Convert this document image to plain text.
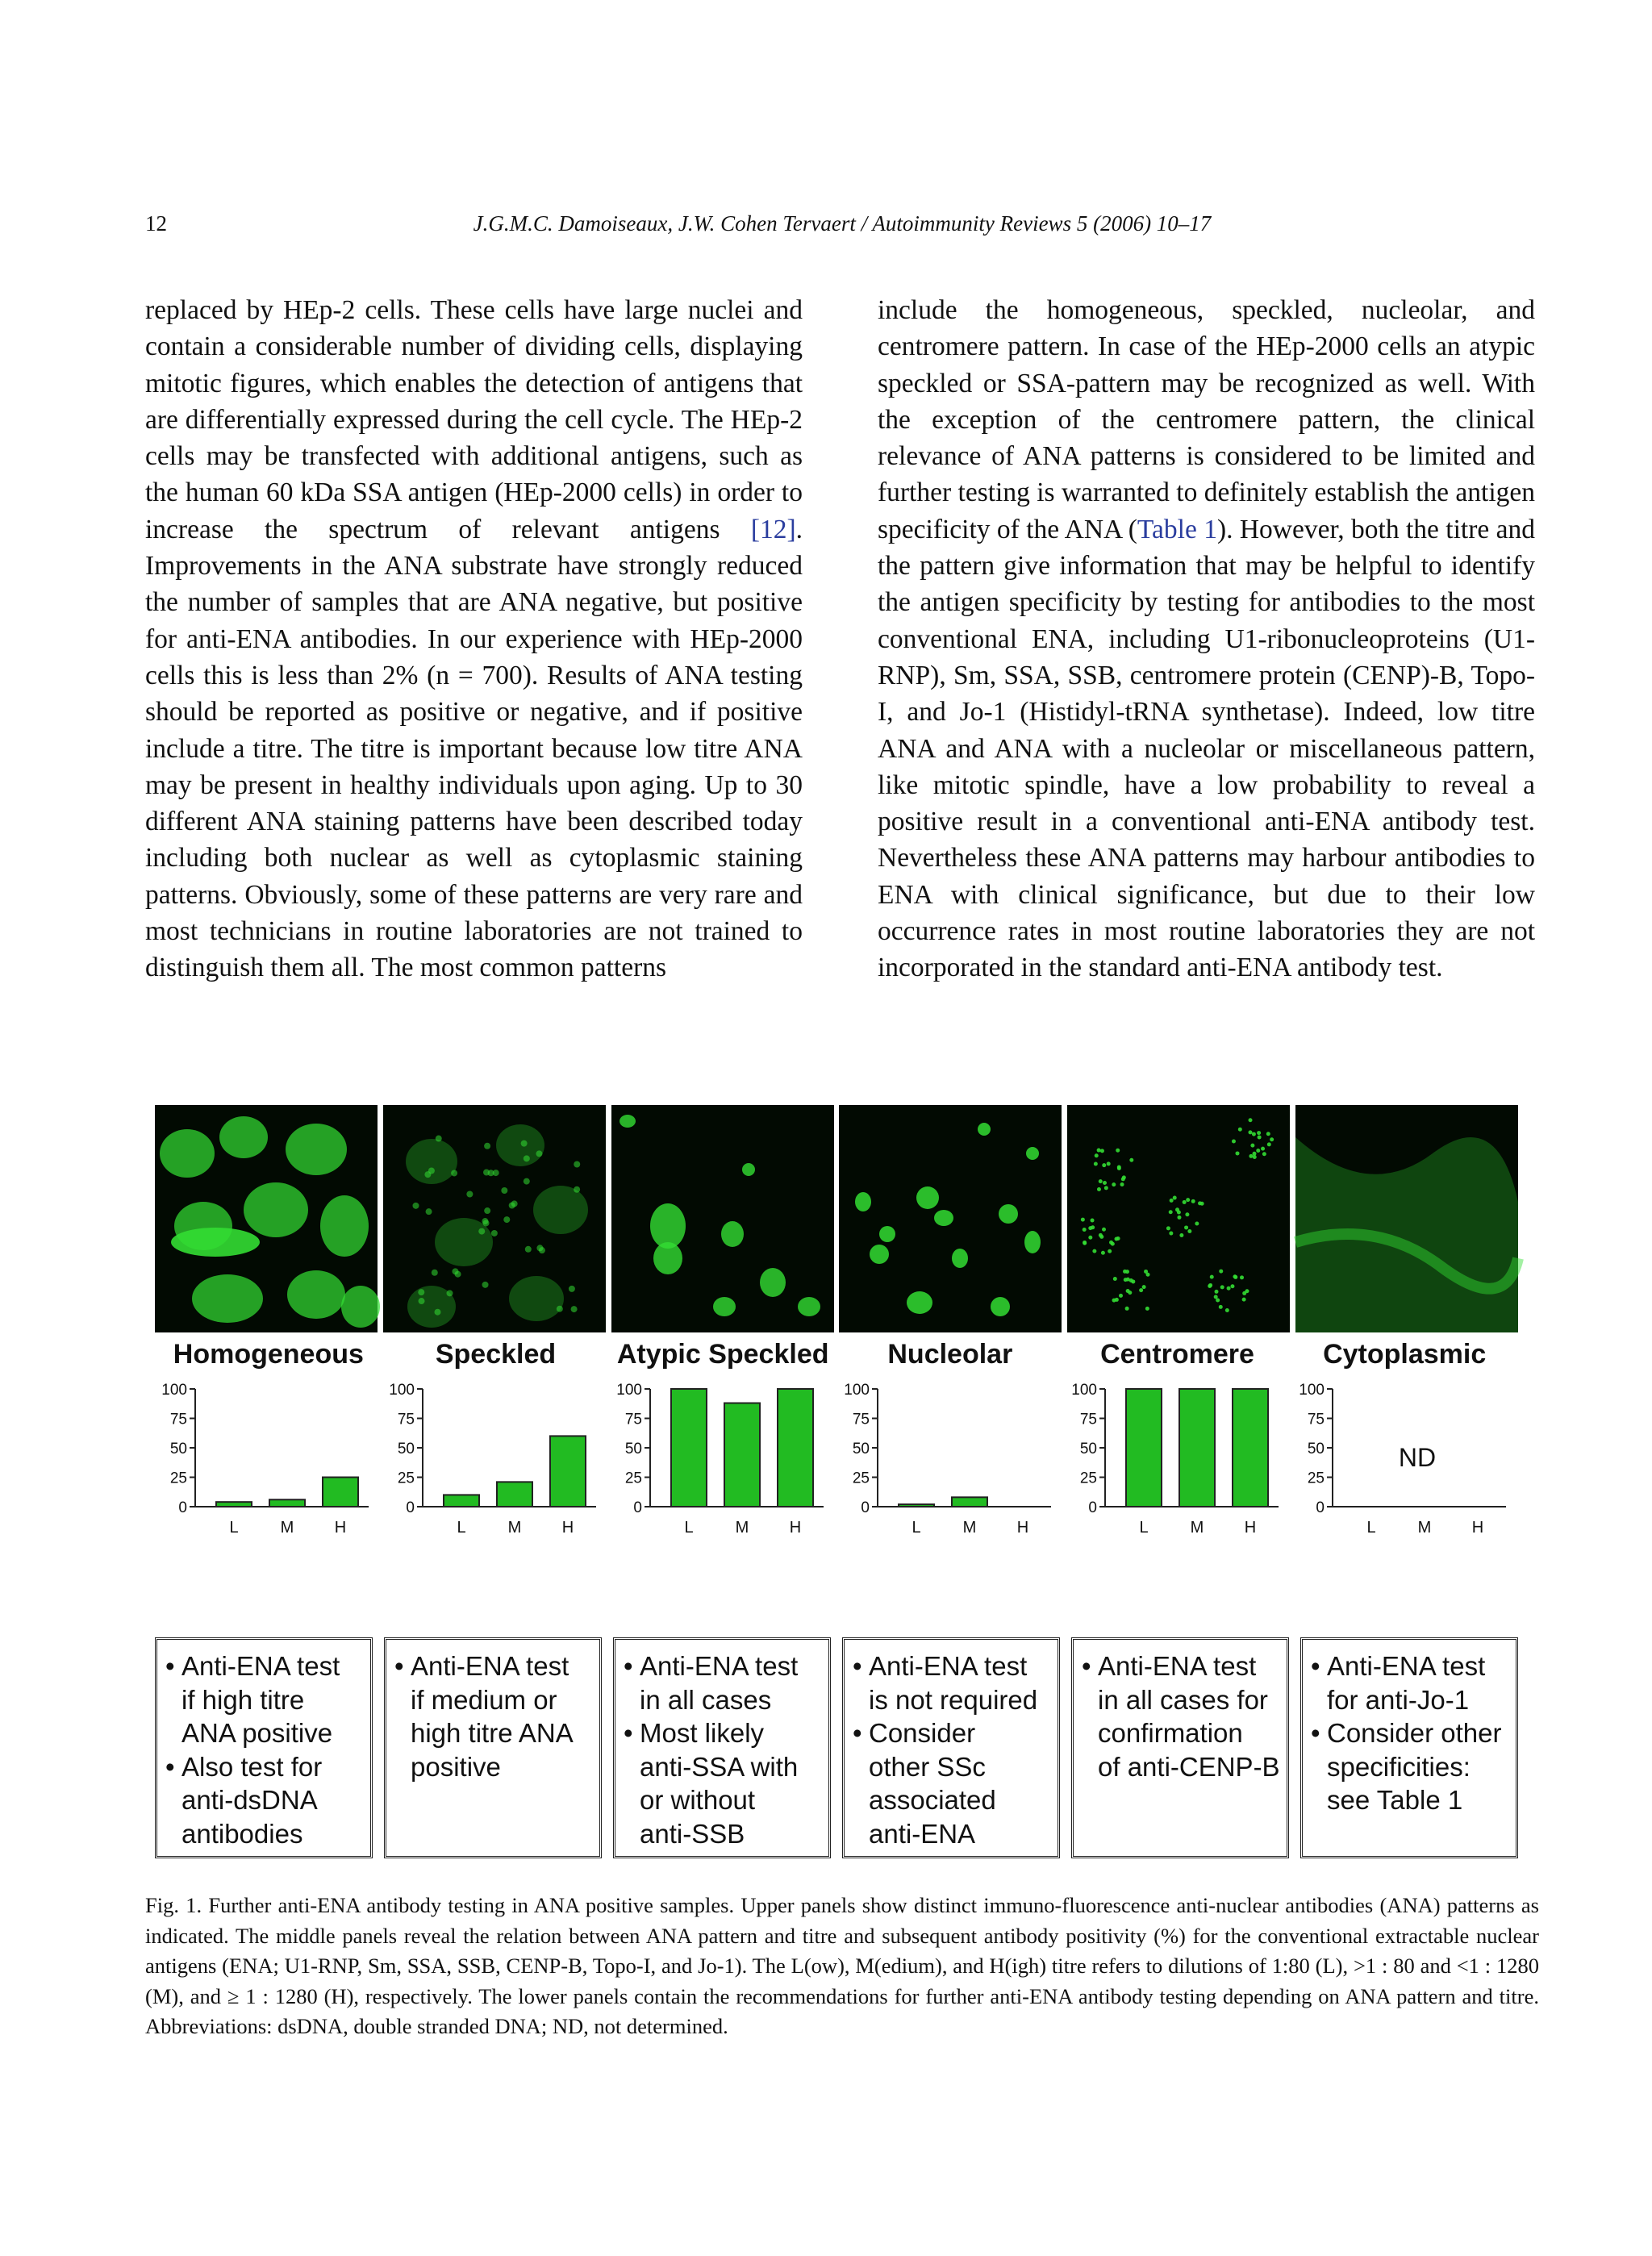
12	J.G.M.C. Damoiseaux, J.W. Cohen Tervaert / Autoimmunity Reviews 5 (2006) 10–17

replaced by HEp-2 cells. These cells have large nuclei and contain a considerable number of dividing cells, displaying mitotic figures, which enables the detection of antigens that are differentially expressed during the cell cycle. The HEp-2 cells may be transfected with additional antigens, such as the human 60 kDa SSA antigen (HEp-2000 cells) in order to increase the spectrum of relevant antigens [12]. Improvements in the ANA substrate have strongly reduced the number of samples that are ANA negative, but positive for anti-ENA antibodies. In our experience with HEp-2000 cells this is less than 2% (n = 700). Results of ANA testing should be reported as positive or negative, and if positive include a titre. The titre is important because low titre ANA may be present in healthy individuals upon aging. Up to 30 different ANA staining patterns have been described today including both nuclear as well as cytoplasmic staining patterns. Obviously, some of these patterns are very rare and most technicians in routine laboratories are not trained to distinguish them all. The most common patterns

include the homogeneous, speckled, nucleolar, and centromere pattern. In case of the HEp-2000 cells an atypic speckled or SSA-pattern may be recognized as well. With the exception of the centromere pattern, the clinical relevance of ANA patterns is considered to be limited and further testing is warranted to definitely establish the antigen specificity of the ANA (Table 1). However, both the titre and the pattern give information that may be helpful to identify the antigen specificity by testing for antibodies to the most conventional ENA, including U1-ribonucleoproteins (U1-RNP), Sm, SSA, SSB, centromere protein (CENP)-B, Topo-I, and Jo-1 (Histidyl-tRNA synthetase). Indeed, low titre ANA and ANA with a nucleolar or miscellaneous pattern, like mitotic spindle, have a low probability to reveal a positive result in a conventional anti-ENA antibody test. Nevertheless these ANA patterns may harbour antibodies to ENA with clinical significance, but due to their low occurrence rates in most routine laboratories they are not incorporated in the standard anti-ENA antibody test.

Homogeneous	Speckled	Atypic Speckled	Nucleolar	Centromere	Cytoplasmic
0
25
50
75
100
L	M	H
0
25
50
75
100
L	M	H
0
25
50
75
100
L	M	H
0
25
50
75
100
L	M	H
0
25
50
75
100
L	M	H
0
25
50
75
100
L	M	H
ND
• Anti-ENA test
if high titre
ANA positive
• Also test for
anti-dsDNA
antibodies
• Anti-ENA test
if medium or
high titre ANA
positive
• Anti-ENA test
in all cases
• Most likely
anti-SSA with
or without
anti-SSB
• Anti-ENA test
is not required
• Consider
other SSc
associated
anti-ENA
• Anti-ENA test
in all cases for
confirmation
of anti-CENP-B
• Anti-ENA test
for anti-Jo-1
• Consider other
specificities:
see Table 1

Fig. 1. Further anti-ENA antibody testing in ANA positive samples. Upper panels show distinct immuno-fluorescence anti-nuclear antibodies (ANA) patterns as indicated. The middle panels reveal the relation between ANA pattern and titre and subsequent antibody positivity (%) for the conventional extractable nuclear antigens (ENA; U1-RNP, Sm, SSA, SSB, CENP-B, Topo-I, and Jo-1). The L(ow), M(edium), and H(igh) titre refers to dilutions of 1:80 (L), >1 : 80 and <1 : 1280 (M), and ≥ 1 : 1280 (H), respectively. The lower panels contain the recommendations for further anti-ENA antibody testing depending on ANA pattern and titre. Abbreviations: dsDNA, double stranded DNA; ND, not determined.
